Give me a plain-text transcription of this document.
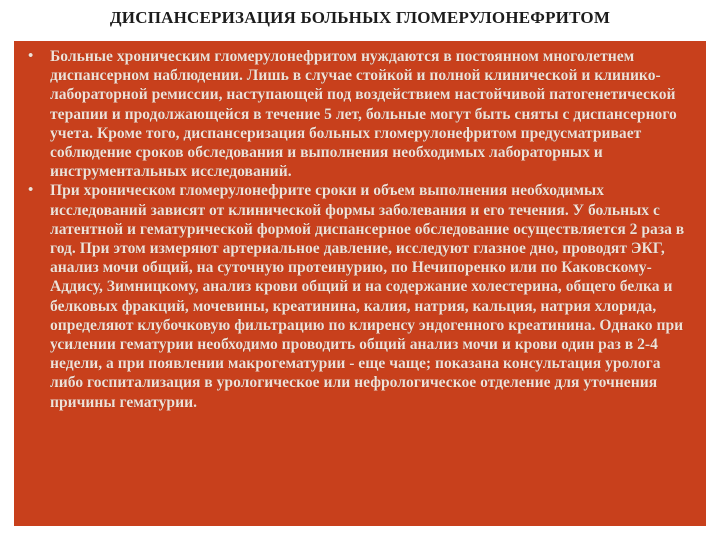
ДИСПАНСЕРИЗАЦИЯ БОЛЬНЫХ ГЛОМЕРУЛОНЕФРИТОМ
• Больные хроническим гломерулонефритом нуждаются в постоянном многолетнем диспансерном наблюдении. Лишь в случае стойкой и полной клинической и клинико-лабораторной ремиссии, наступающей под воздействием настойчивой патогенетической терапии и продолжающейся в течение 5 лет, больные могут быть сняты с диспансерного учета. Кроме того, диспансеризация больных гломерулонефритом предусматривает соблюдение сроков обследования и выполнения необходимых лабораторных и инструментальных исследований.
• При хроническом гломерулонефрите сроки и объем выполнения необходимых исследований зависят от клинической формы заболевания и его течения. У больных с латентной и гематурической формой диспансерное обследование осуществляется 2 раза в год. При этом измеряют артериальное давление, исследуют глазное дно, проводят ЭКГ, анализ мочи общий, на суточную протеинурию, по Нечипоренко или по Каковскому-Аддису, Зимницкому, анализ крови общий и на содержание холестерина, общего белка и белковых фракций, мочевины, креатинина, калия, натрия, кальция, натрия хлорида, определяют клубочковую фильтрацию по клиренсу эндогенного креатинина. Однако при усилении гематурии необходимо проводить общий анализ мочи и крови один раз в 2-4 недели, а при появлении макрогематурии - еще чаще; показана консультация уролога либо госпитализация в урологическое или нефрологическое отделение для уточнения причины гематурии.
